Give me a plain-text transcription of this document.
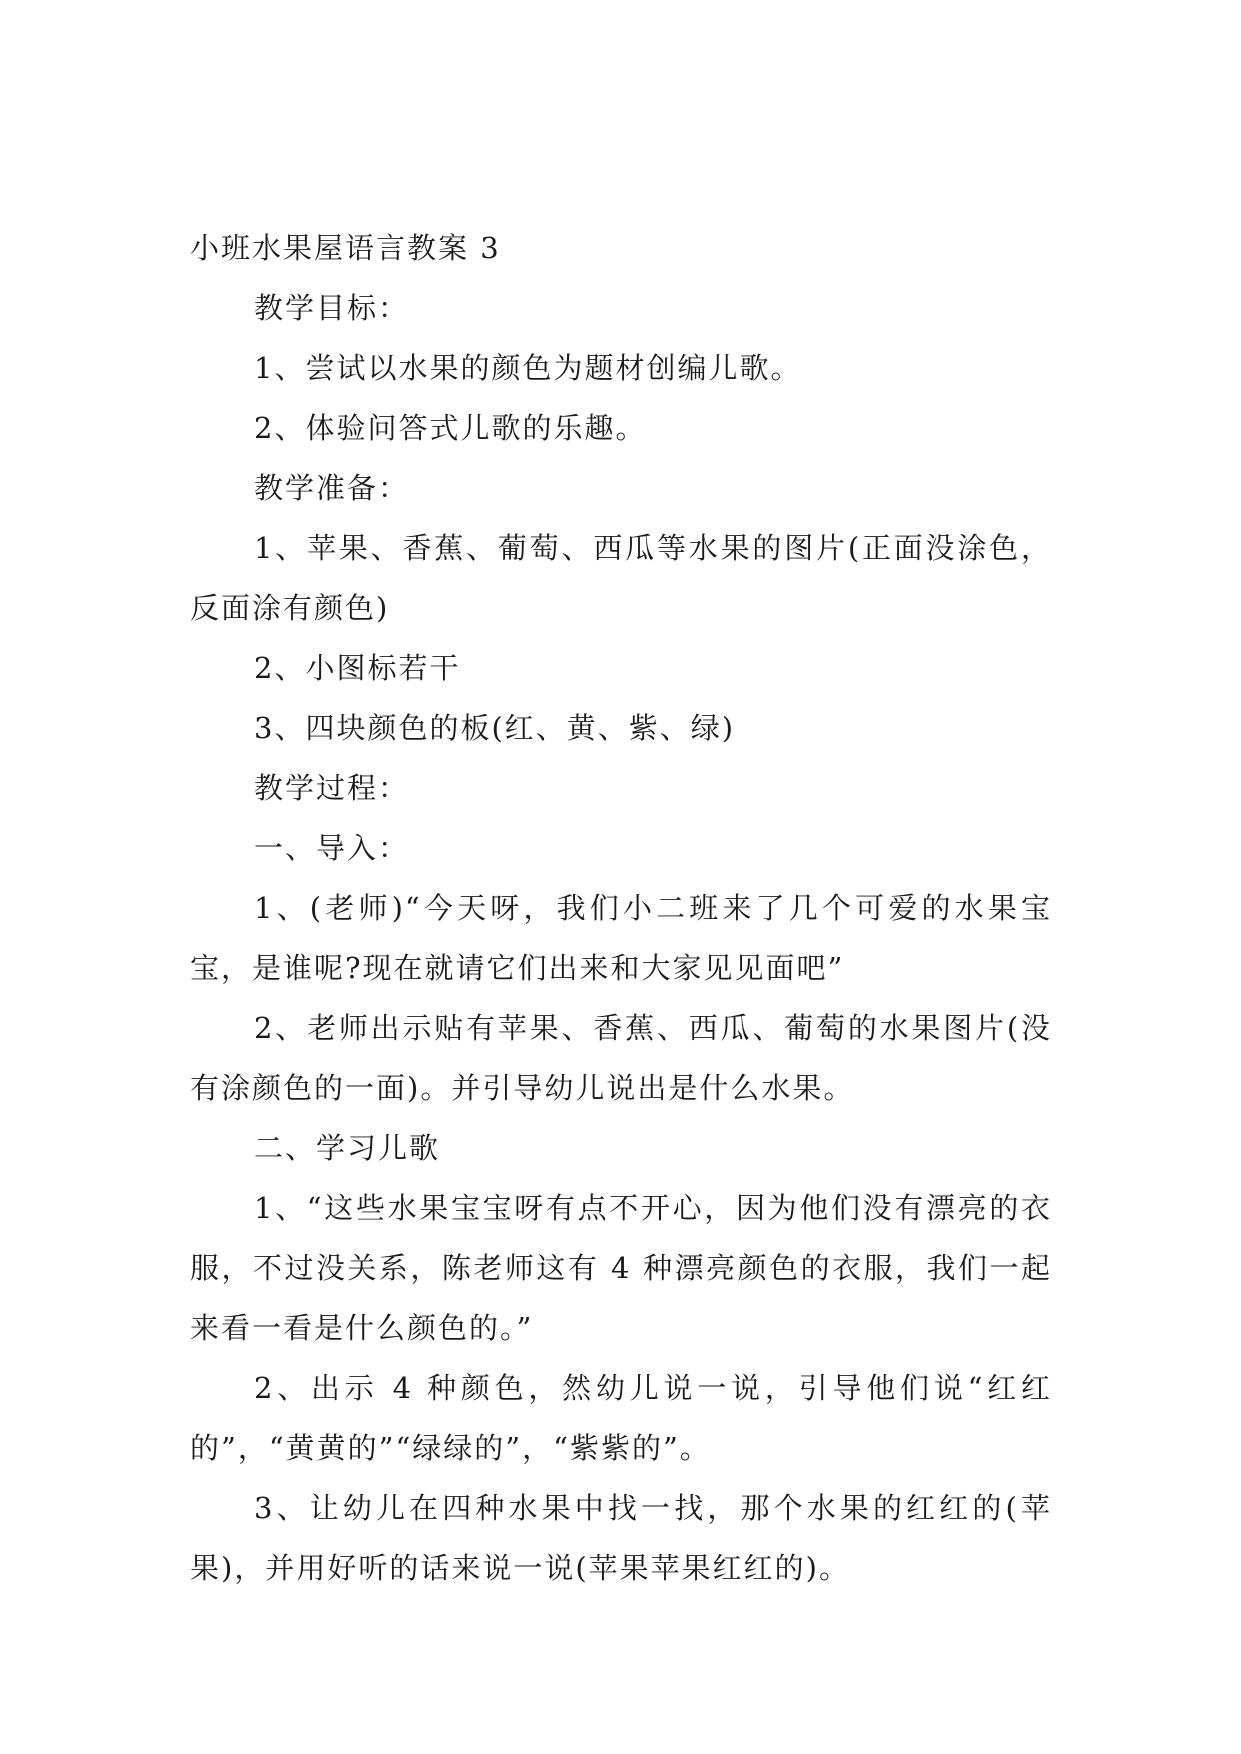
小班水果屋语言教案 3

教学目标：

1、尝试以水果的颜色为题材创编儿歌。

2、体验问答式儿歌的乐趣。

教学准备：

1、苹果、香蕉、葡萄、西瓜等水果的图片(正面没涂色，反面涂有颜色)

2、小图标若干

3、四块颜色的板(红、黄、紫、绿)

教学过程：

一、导入：

1、(老师)“今天呀，我们小二班来了几个可爱的水果宝宝，是谁呢?现在就请它们出来和大家见见面吧”

2、老师出示贴有苹果、香蕉、西瓜、葡萄的水果图片(没有涂颜色的一面)。并引导幼儿说出是什么水果。

二、学习儿歌

1、“这些水果宝宝呀有点不开心，因为他们没有漂亮的衣服，不过没关系，陈老师这有 4 种漂亮颜色的衣服，我们一起来看一看是什么颜色的。”

2、出示 4 种颜色，然幼儿说一说，引导他们说“红红的”，“黄黄的”“绿绿的”，“紫紫的”。

3、让幼儿在四种水果中找一找，那个水果的红红的(苹果)，并用好听的话来说一说(苹果苹果红红的)。
